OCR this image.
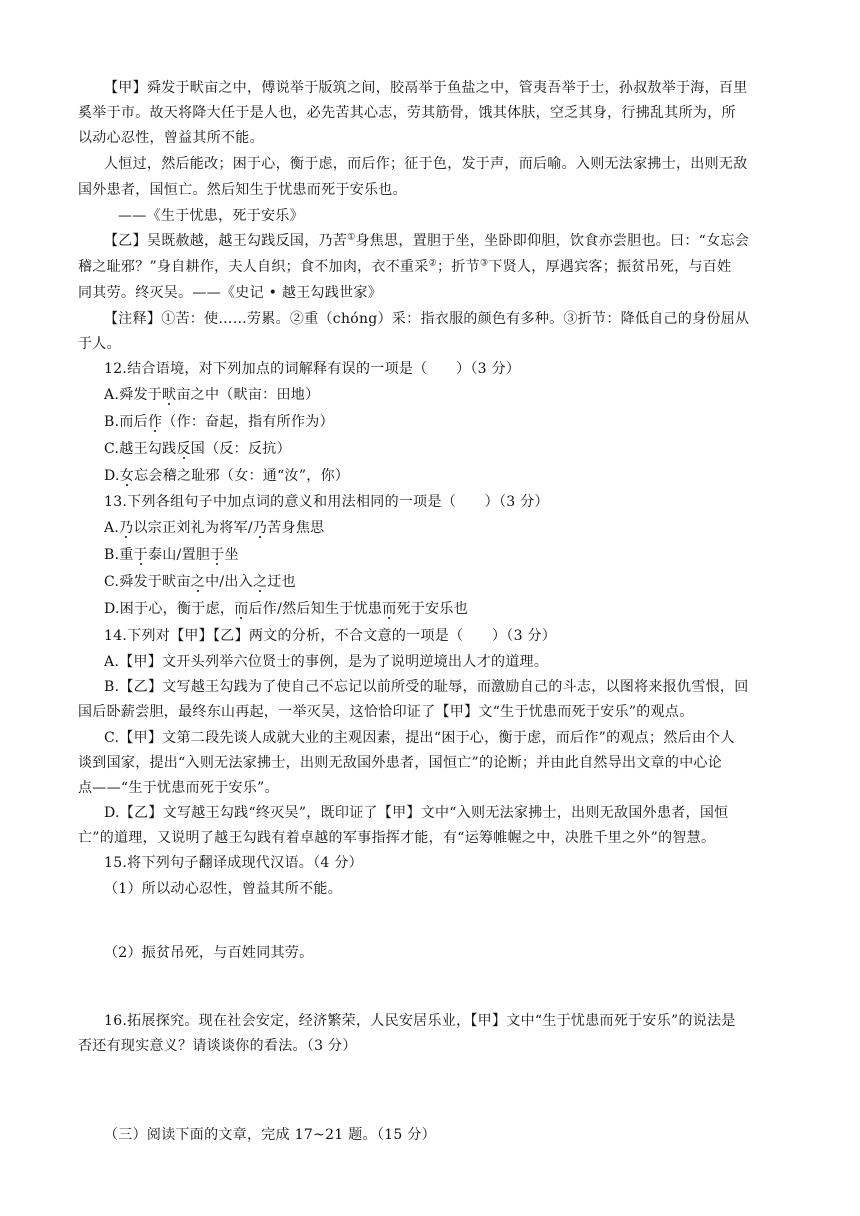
【甲】舜发于畎亩之中，傅说举于版筑之间，胶鬲举于鱼盐之中，管夷吾举于士，孙叔敖举于海，百里
奚举于市。故天将降大任于是人也，必先苦其心志，劳其筋骨，饿其体肤，空乏其身，行拂乱其所为，所
以动心忍性，曾益其所不能。
人恒过，然后能改；困于心，衡于虑，而后作；征于色，发于声，而后喻。入则无法家拂士，出则无敌
国外患者，国恒亡。然后知生于忧患而死于安乐也。
——《生于忧患，死于安乐》
【乙】吴既赦越，越王勾践反国，乃苦①身焦思，置胆于坐，坐卧即仰胆，饮食亦尝胆也。曰：“女忘会
稽之耻邪？”身自耕作，夫人自织；食不加肉，衣不重采②；折节③下贤人，厚遇宾客；振贫吊死，与百姓
同其劳。终灭吴。——《史记 • 越王勾践世家》
【注释】①苦：使……劳累。②重（chóng）采：指衣服的颜色有多种。③折节：降低自己的身份屈从
于人。
12.结合语境，对下列加点的词解释有误的一项是（　　）（3 分）
A.舜发于畎亩之中（畎亩：田地）
B.而后作（作：奋起，指有所作为）
C.越王勾践反国（反：反抗）
D.女忘会稽之耻邪（女：通“汝”，你）
13.下列各组句子中加点词的意义和用法相同的一项是（　　）（3 分）
A.乃以宗正刘礼为将军/乃苦身焦思
B.重于泰山/置胆于坐
C.舜发于畎亩之中/出入之迂也
D.困于心，衡于虑，而后作/然后知生于忧患而死于安乐也
14.下列对【甲】【乙】两文的分析，不合文意的一项是（　　）（3 分）
A.【甲】文开头列举六位贤士的事例，是为了说明逆境出人才的道理。
B.【乙】文写越王勾践为了使自己不忘记以前所受的耻辱，而激励自己的斗志，以图将来报仇雪恨，回
国后卧薪尝胆，最终东山再起，一举灭吴，这恰恰印证了【甲】文“生于忧患而死于安乐”的观点。
C.【甲】文第二段先谈人成就大业的主观因素，提出“困于心，衡于虑，而后作”的观点；然后由个人
谈到国家，提出“入则无法家拂士，出则无敌国外患者，国恒亡”的论断；并由此自然导出文章的中心论
点——“生于忧患而死于安乐”。
D.【乙】文写越王勾践“终灭吴”，既印证了【甲】文中“入则无法家拂士，出则无敌国外患者，国恒
亡”的道理，又说明了越王勾践有着卓越的军事指挥才能，有“运筹帷幄之中，决胜千里之外”的智慧。
15.将下列句子翻译成现代汉语。（4 分）
（1）所以动心忍性，曾益其所不能。
（2）振贫吊死，与百姓同其劳。
16.拓展探究。现在社会安定，经济繁荣，人民安居乐业，【甲】文中“生于忧患而死于安乐”的说法是
否还有现实意义？请谈谈你的看法。（3 分）
（三）阅读下面的文章，完成 17~21 题。（15 分）
